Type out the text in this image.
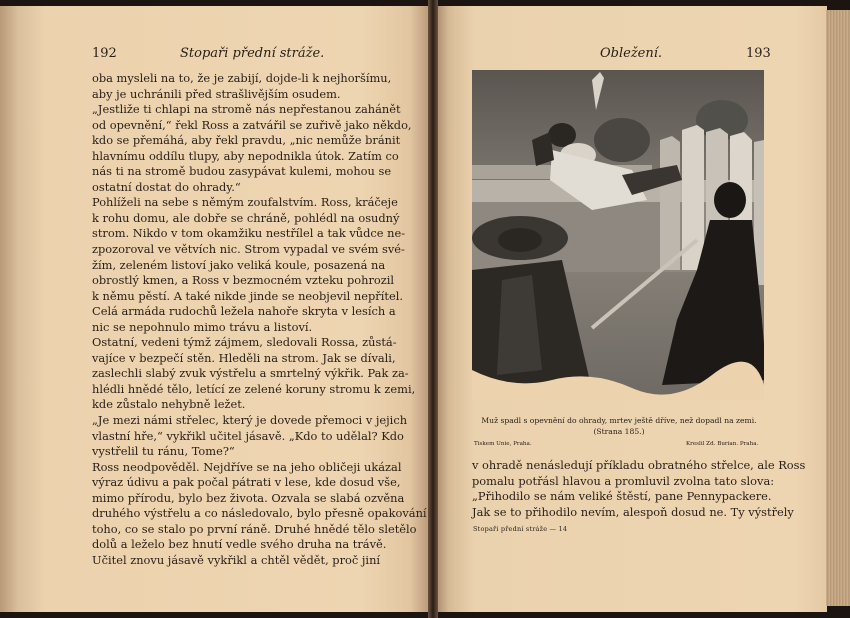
192	Stopaři přední stráže.
oba mysleli na to, že je zabijí, dojde-li k nejhoršímu,
aby je uchránili před strašlivějším osudem.
„Jestliže ti chlapi na stromě nás nepřestanou zahánět
od opevnění,“ řekl Ross a zatvářil se zuřivě jako někdo,
kdo se přemáhá, aby řekl pravdu, „nic nemůže bránit
hlavnímu oddílu tlupy, aby nepodnikla útok. Zatím co
nás ti na stromě budou zasypávat kulemi, mohou se
ostatní dostat do ohrady.“
Pohlíželi na sebe s němým zoufalstvím. Ross, kráčeje
k rohu domu, ale dobře se chráně, pohlédl na osudný
strom. Nikdo v tom okamžiku nestřílel a tak vůdce ne-
zpozoroval ve větvích nic. Strom vypadal ve svém své-
žím, zeleném listoví jako veliká koule, posazená na
obrostlý kmen, a Ross v bezmocném vzteku pohrozil
k němu pěstí. A také nikde jinde se neobjevil nepřítel.
Celá armáda rudochů ležela nahoře skryta v lesích a
nic se nepohnulo mimo trávu a listoví.
Ostatní, vedeni týmž zájmem, sledovali Rossa, zůstá-
vajíce v bezpečí stěn. Hleděli na strom. Jak se dívali,
zaslechli slabý zvuk výstřelu a smrtelný výkřik. Pak za-
hlédli hnědé tělo, letící ze zelené koruny stromu k zemi,
kde zůstalo nehybně ležet.
„Je mezi námi střelec, který je dovede přemoci v jejich
vlastní hře,“ vykřikl učitel jásavě. „Kdo to udělal? Kdo
vystřelil tu ránu, Tome?“
Ross neodpověděl. Nejdříve se na jeho obličeji ukázal
výraz údivu a pak počal pátrati v lese, kde dosud vše,
mimo přírodu, bylo bez života. Ozvala se slabá ozvěna
druhého výstřelu a co následovalo, bylo přesně opakování
toho, co se stalo po první ráně. Druhé hnědé tělo sletělo
dolů a leželo bez hnutí vedle svého druha na trávě.
Učitel znovu jásavě vykřikl a chtěl vědět, proč jiní
Obležení.	193
Muž spadl s opevnění do ohrady, mrtev ještě dříve, než dopadl na zemi. (Strana 185.)
Tiskem Unie, Praha.	Kreslil Zd. Burian. Praha.
v ohradě nenásledují příkladu obratného střelce, ale Ross
pomalu potřásl hlavou a promluvil zvolna tato slova:
„Přihodilo se nám veliké štěstí, pane Pennypackere.
Jak se to přihodilo nevím, alespoň dosud ne. Ty výstřely
Stopaři přední stráže — 14
